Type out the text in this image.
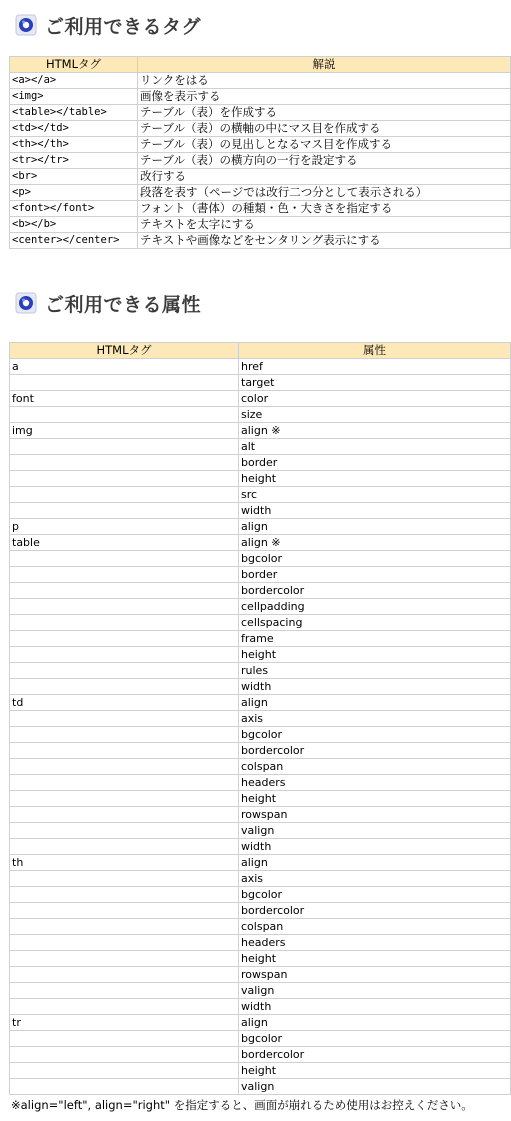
ご利用できるタグ
HTMLタグ	解説
<a></a>	リンクをはる
<img>	画像を表示する
<table></table>	テーブル（表）を作成する
<td></td>	テーブル（表）の横軸の中にマス目を作成する
<th></th>	テーブル（表）の見出しとなるマス目を作成する
<tr></tr>	テーブル（表）の横方向の一行を設定する
<br>	改行する
<p>	段落を表す（ページでは改行二つ分として表示される）
<font></font>	フォント（書体）の種類・色・大きさを指定する
<b></b>	テキストを太字にする
<center></center>	テキストや画像などをセンタリング表示にする
ご利用できる属性
HTMLタグ	属性
a	href
	target
font	color
	size
img	align ※
	alt
	border
	height
	src
	width
p	align
table	align ※
	bgcolor
	border
	bordercolor
	cellpadding
	cellspacing
	frame
	height
	rules
	width
td	align
	axis
	bgcolor
	bordercolor
	colspan
	headers
	height
	rowspan
	valign
	width
th	align
	axis
	bgcolor
	bordercolor
	colspan
	headers
	height
	rowspan
	valign
	width
tr	align
	bgcolor
	bordercolor
	height
	valign
※align="left", align="right" を指定すると、画面が崩れるため使用はお控えください。
